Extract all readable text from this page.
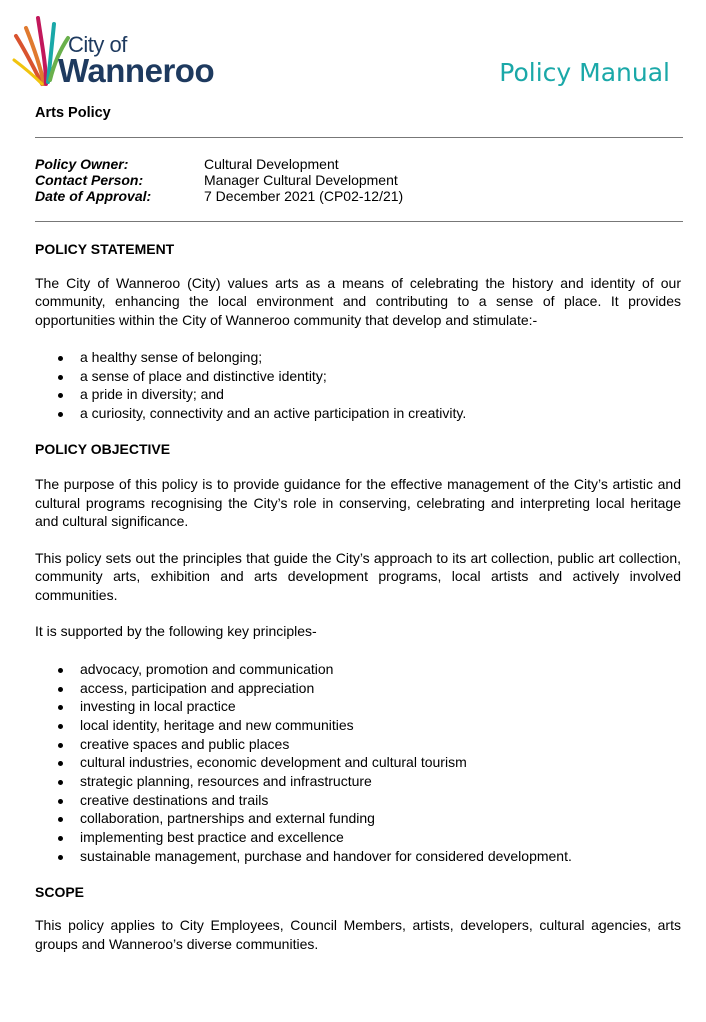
City of
Wanneroo	Policy Manual
Arts Policy
Policy Owner:	Cultural Development
Contact Person:	Manager Cultural Development
Date of Approval:	7 December 2021 (CP02-12/21)

POLICY STATEMENT

The City of Wanneroo (City) values arts as a means of celebrating the history and identity of our community, enhancing the local environment and contributing to a sense of place. It provides opportunities within the City of Wanneroo community that develop and stimulate:-

a healthy sense of belonging;
a sense of place and distinctive identity;
a pride in diversity; and
a curiosity, connectivity and an active participation in creativity.

POLICY OBJECTIVE

The purpose of this policy is to provide guidance for the effective management of the City’s artistic and cultural programs recognising the City’s role in conserving, celebrating and interpreting local heritage and cultural significance.

This policy sets out the principles that guide the City’s approach to its art collection, public art collection, community arts, exhibition and arts development programs, local artists and actively involved communities.

It is supported by the following key principles-

advocacy, promotion and communication
access, participation and appreciation
investing in local practice
local identity, heritage and new communities
creative spaces and public places
cultural industries, economic development and cultural tourism
strategic planning, resources and infrastructure
creative destinations and trails
collaboration, partnerships and external funding
implementing best practice and excellence
sustainable management, purchase and handover for considered development.

SCOPE

This policy applies to City Employees, Council Members, artists, developers, cultural agencies, arts groups and Wanneroo’s diverse communities.
